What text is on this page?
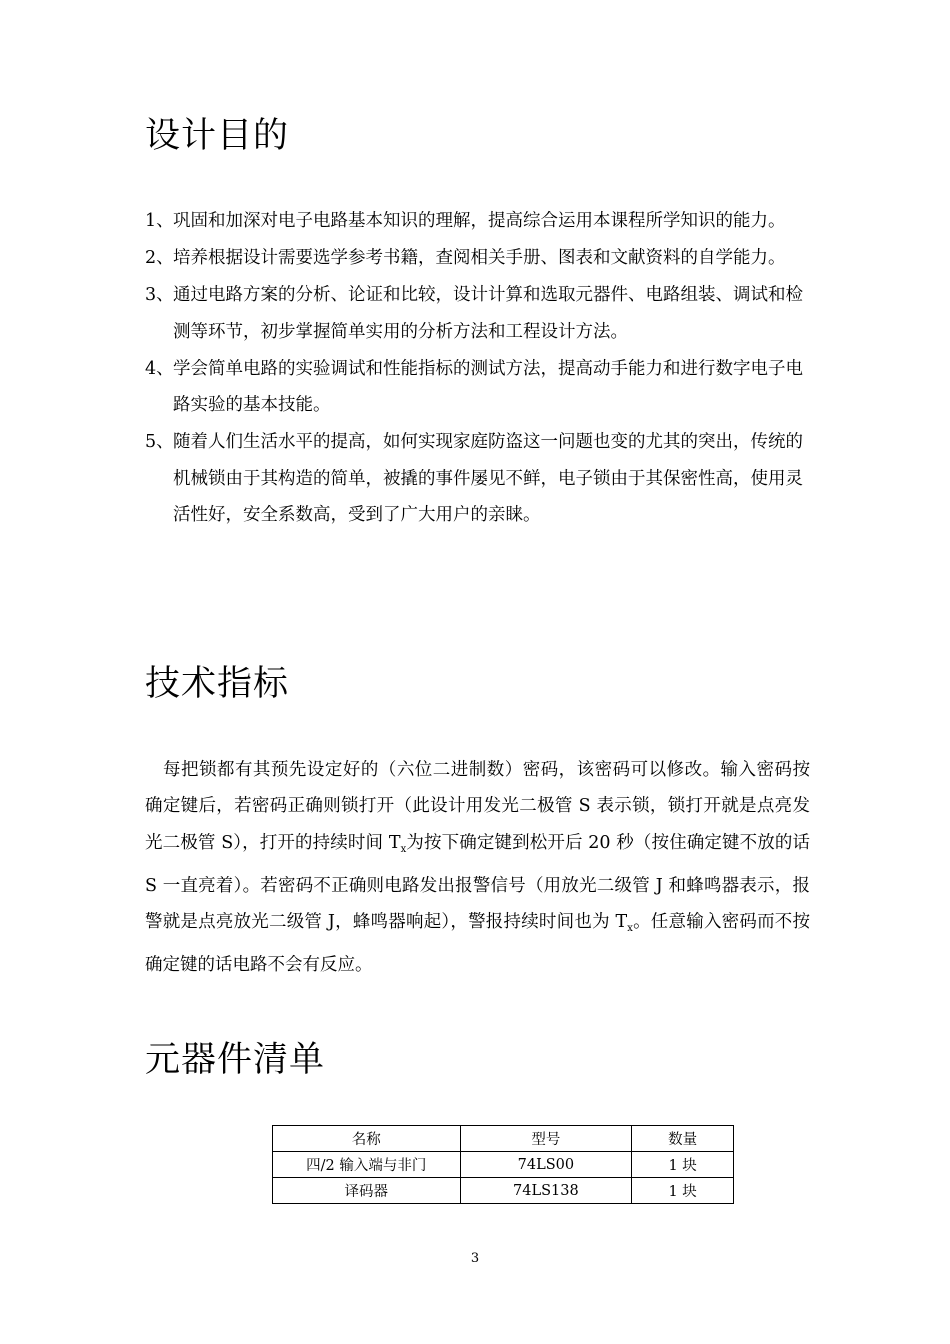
设计目的
1、 巩固和加深对电子电路基本知识的理解，提高综合运用本课程所学知识的能力。
2、 培养根据设计需要选学参考书籍，查阅相关手册、图表和文献资料的自学能力。
3、 通过电路方案的分析、论证和比较，设计计算和选取元器件、电路组装、调试和检测等环节，初步掌握简单实用的分析方法和工程设计方法。
4、 学会简单电路的实验调试和性能指标的测试方法，提高动手能力和进行数字电子电路实验的基本技能。
5、 随着人们生活水平的提高，如何实现家庭防盗这一问题也变的尤其的突出，传统的机械锁由于其构造的简单，被撬的事件屡见不鲜，电子锁由于其保密性高，使用灵活性好，安全系数高，受到了广大用户的亲睐。
技术指标

每把锁都有其预先设定好的（六位二进制数）密码，该密码可以修改。输入密码按确定键后，若密码正确则锁打开（此设计用发光二极管 S 表示锁，锁打开就是点亮发光二极管 S），打开的持续时间 $T_x$为按下确定键到松开后 20 秒（按住确定键不放的话 S 一直亮着）。若密码不正确则电路发出报警信号（用放光二级管 J 和蜂鸣器表示，报警就是点亮放光二级管 J，蜂鸣器响起），警报持续时间也为 $T_x$。任意输入密码而不按确定键的话电路不会有反应。

元器件清单
名称	型号	数量
四/2 输入端与非门	74LS00	1 块
译码器	74LS138	1 块
3
